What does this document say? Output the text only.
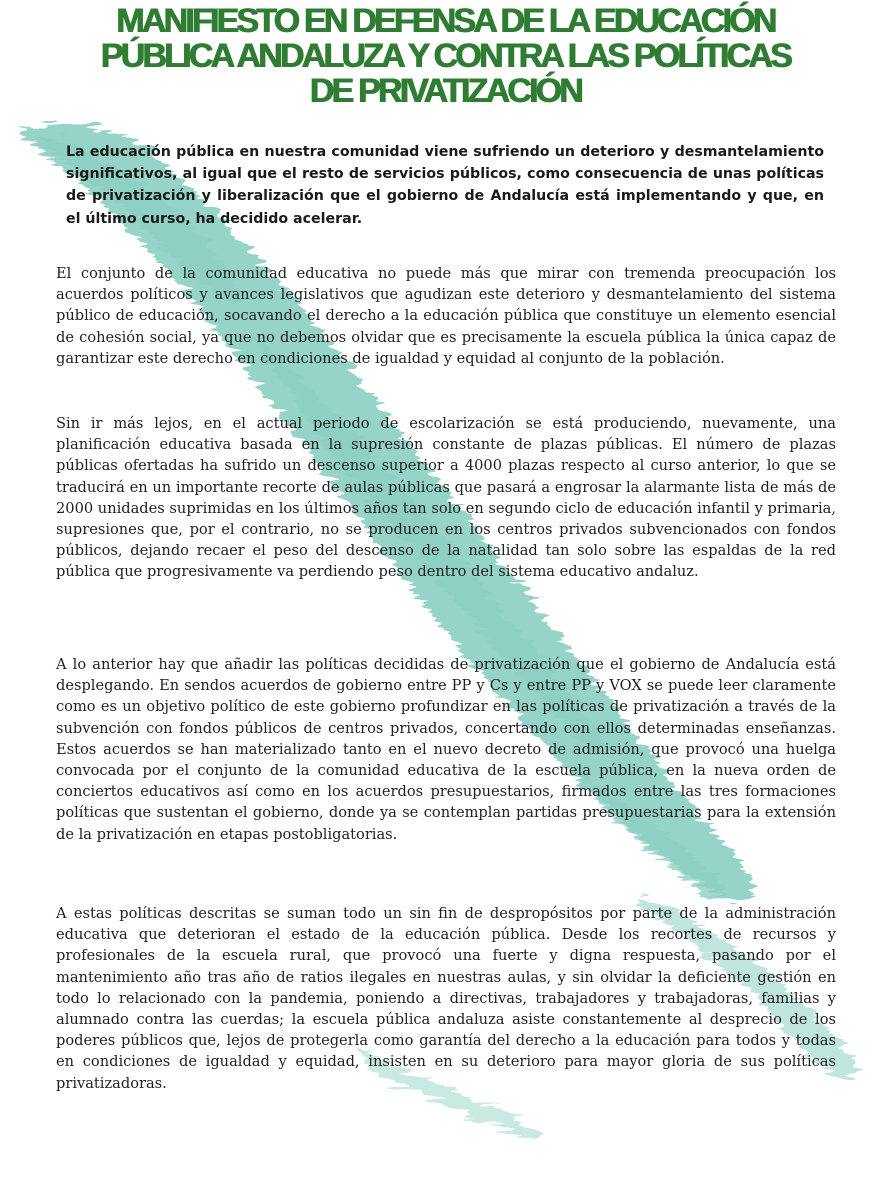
MANIFIESTO EN DEFENSA DE LA EDUCACIÓN
PÚBLICA ANDALUZA Y CONTRA LAS POLÍTICAS
DE PRIVATIZACIÓN

La educación pública en nuestra comunidad viene sufriendo un deterioro y desmantelamiento significativos, al igual que el resto de servicios públicos, como consecuencia de unas políticas de privatización y liberalización que el gobierno de Andalucía está implementando y que, en el último curso, ha decidido acelerar.

El conjunto de la comunidad educativa no puede más que mirar con tremenda preocupación los acuerdos políticos y avances legislativos que agudizan este deterioro y desmantelamiento del sistema público de educación, socavando el derecho a la educación pública que constituye un elemento esencial de cohesión social, ya que no debemos olvidar que es precisamente la escuela pública la única capaz de garantizar este derecho en condiciones de igualdad y equidad al conjunto de la población.

Sin ir más lejos, en el actual periodo de escolarización se está produciendo, nuevamente, una planificación educativa basada en la supresión constante de plazas públicas. El número de plazas públicas ofertadas ha sufrido un descenso superior a 4000 plazas respecto al curso anterior, lo que se traducirá en un importante recorte de aulas públicas que pasará a engrosar la alarmante lista de más de 2000 unidades suprimidas en los últimos años tan solo en segundo ciclo de educación infantil y primaria, supresiones que, por el contrario, no se producen en los centros privados subvencionados con fondos públicos, dejando recaer el peso del descenso de la natalidad tan solo sobre las espaldas de la red pública que progresivamente va perdiendo peso dentro del sistema educativo andaluz.

A lo anterior hay que añadir las políticas decididas de privatización que el gobierno de Andalucía está desplegando. En sendos acuerdos de gobierno entre PP y Cs y entre PP y VOX se puede leer claramente como es un objetivo político de este gobierno profundizar en las políticas de privatización a través de la subvención con fondos públicos de centros privados, concertando con ellos determinadas enseñanzas. Estos acuerdos se han materializado tanto en el nuevo decreto de admisión, que provocó una huelga convocada por el conjunto de la comunidad educativa de la escuela pública, en la nueva orden de conciertos educativos así como en los acuerdos presupuestarios, firmados entre las tres formaciones políticas que sustentan el gobierno, donde ya se contemplan partidas presupuestarias para la extensión de la privatización en etapas postobligatorias.

A estas políticas descritas se suman todo un sin fin de despropósitos por parte de la administración educativa que deterioran el estado de la educación pública. Desde los recortes de recursos y profesionales de la escuela rural, que provocó una fuerte y digna respuesta, pasando por el mantenimiento año tras año de ratios ilegales en nuestras aulas, y sin olvidar la deficiente gestión en todo lo relacionado con la pandemia, poniendo a directivas, trabajadores y trabajadoras, familias y alumnado contra las cuerdas; la escuela pública andaluza asiste constantemente al desprecio de los poderes públicos que, lejos de protegerla como garantía del derecho a la educación para todos y todas en condiciones de igualdad y equidad, insisten en su deterioro para mayor gloria de sus políticas privatizadoras.
